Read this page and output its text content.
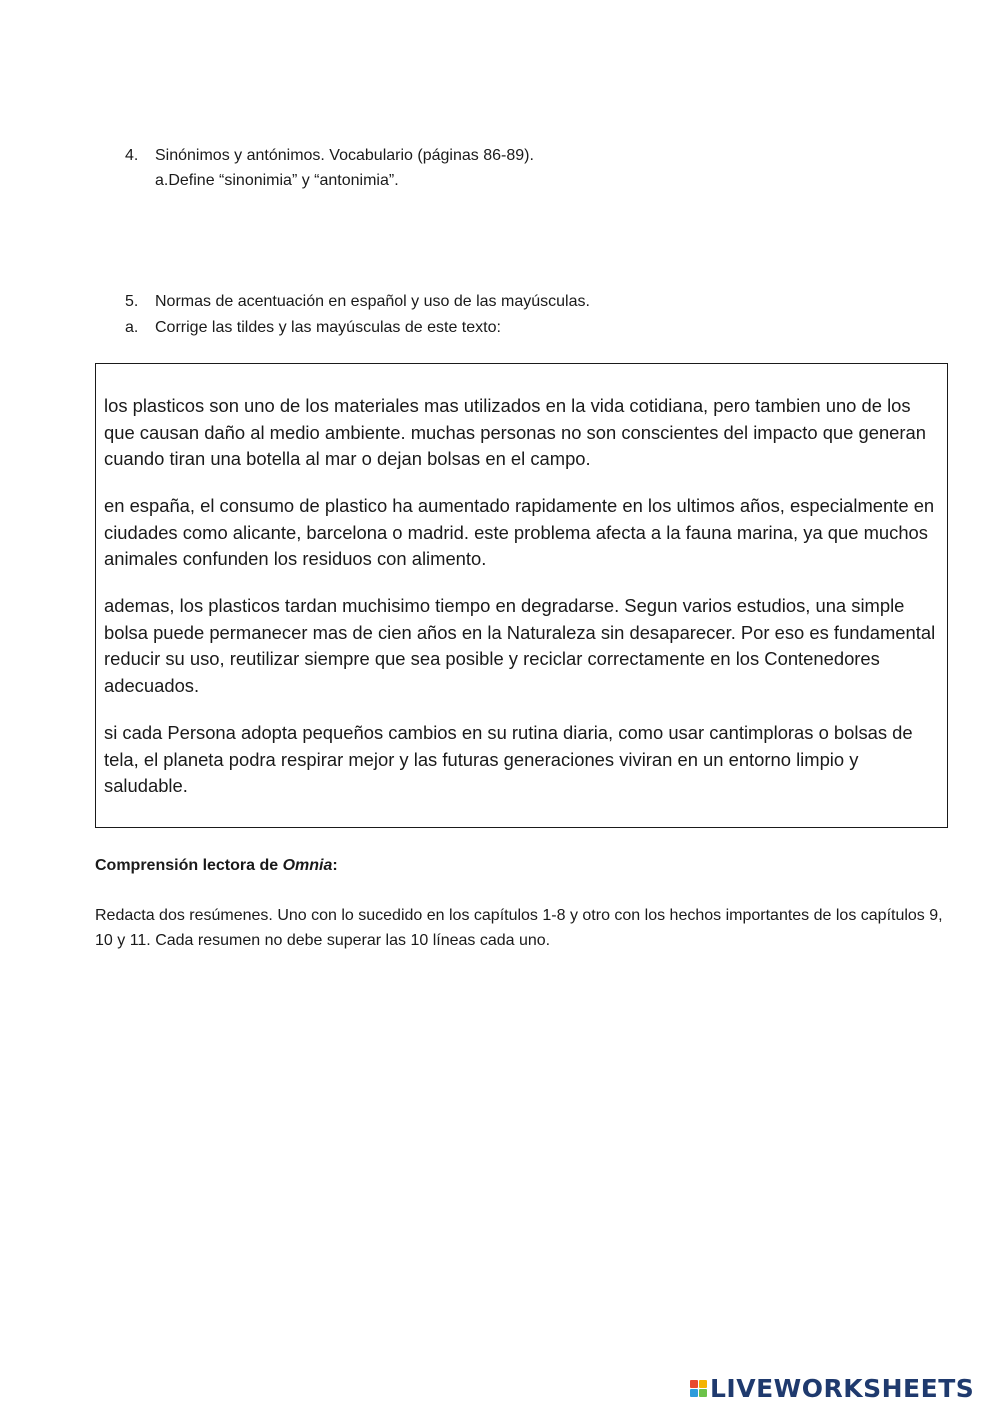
4. Sinónimos y antónimos. Vocabulario (páginas 86-89).
a.Define “sinonimia” y “antonimia”.
5. Normas de acentuación en español y uso de las mayúsculas.
a. Corrige las tildes y las mayúsculas de este texto:
los plasticos son uno de los materiales mas utilizados en la vida cotidiana, pero tambien uno de los que causan daño al medio ambiente. muchas personas no son conscientes del impacto que generan cuando tiran una botella al mar o dejan bolsas en el campo.
en españa, el consumo de plastico ha aumentado rapidamente en los ultimos años, especialmente en ciudades como alicante, barcelona o madrid. este problema afecta a la fauna marina, ya que muchos animales confunden los residuos con alimento.
ademas, los plasticos tardan muchisimo tiempo en degradarse. Segun varios estudios, una simple bolsa puede permanecer mas de cien años en la Naturaleza sin desaparecer. Por eso es fundamental reducir su uso, reutilizar siempre que sea posible y reciclar correctamente en los Contenedores adecuados.
si cada Persona adopta pequeños cambios en su rutina diaria, como usar cantimploras o bolsas de tela, el planeta podra respirar mejor y las futuras generaciones viviran en un entorno limpio y saludable.
Comprensión lectora de Omnia:
Redacta dos resúmenes. Uno con lo sucedido en los capítulos 1-8 y otro con los hechos importantes de los capítulos 9, 10 y 11. Cada resumen no debe superar las 10 líneas cada uno.
LIVEWORKSHEETS
